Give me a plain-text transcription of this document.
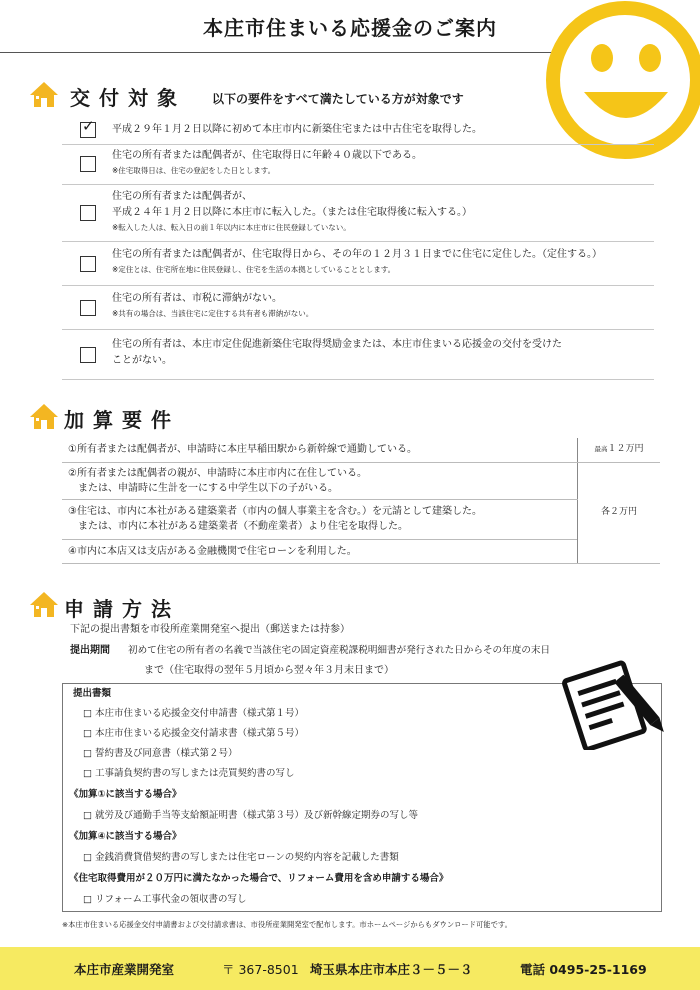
本庄市住まいる応援金のご案内
交付対象 以下の要件をすべて満たしている方が対象です
✓ 平成２９年１月２日以降に初めて本庄市内に新築住宅または中古住宅を取得した。
住宅の所有者または配偶者が、住宅取得日に年齢４０歳以下である。
※住宅取得日は、住宅の登記をした日とします。
住宅の所有者または配偶者が、
平成２４年１月２日以降に本庄市に転入した。（または住宅取得後に転入する。）
※転入した人は、転入日の前１年以内に本庄市に住民登録していない。
住宅の所有者または配偶者が、住宅取得日から、その年の１２月３１日までに住宅に定住した。（定住する。）
※定住とは、住宅所在地に住民登録し、住宅を生活の本拠としていることとします。
住宅の所有者は、市税に滞納がない。
※共有の場合は、当該住宅に定住する共有者も滞納がない。
住宅の所有者は、本庄市定住促進新築住宅取得奨励金または、本庄市住まいる応援金の交付を受けた
ことがない。
加算要件
①所有者または配偶者が、申請時に本庄早稲田駅から新幹線で通勤している。	最高１２万円

②所有者または配偶者の親が、申請時に本庄市内に在住している。
　または、申請時に生計を一にする中学生以下の子がいる。	各２万円

③住宅は、市内に本社がある建築業者（市内の個人事業主を含む。）を元請として建築した。
　または、市内に本社がある建築業者（不動産業者）より住宅を取得した。	

④市内に本店又は支店がある金融機関で住宅ローンを利用した。	
申請方法
下記の提出書類を市役所産業開発室へ提出（郵送または持参）
提出期間 初めて住宅の所有者の名義で当該住宅の固定資産税課税明細書が発行された日からその年度の末日
まで（住宅取得の翌年５月頃から翌々年３月末日まで）
提出書類
□ 本庄市住まいる応援金交付申請書（様式第１号）
□ 本庄市住まいる応援金交付請求書（様式第５号）
□ 誓約書及び同意書（様式第２号）
□ 工事請負契約書の写しまたは売買契約書の写し
《加算①に該当する場合》
□ 就労及び通勤手当等支給額証明書（様式第３号）及び新幹線定期券の写し等
《加算④に該当する場合》
□ 金銭消費貸借契約書の写しまたは住宅ローンの契約内容を記載した書類
《住宅取得費用が２０万円に満たなかった場合で、リフォーム費用を含め申請する場合》
□ リフォーム工事代金の領収書の写し
※本庄市住まいる応援金交付申請書および交付請求書は、市役所産業開発室で配布します。市ホームページからもダウンロード可能です。
本庄市産業開発室	〒 367-8501 埼玉県本庄市本庄３－５－３	電話 0495-25-1169
